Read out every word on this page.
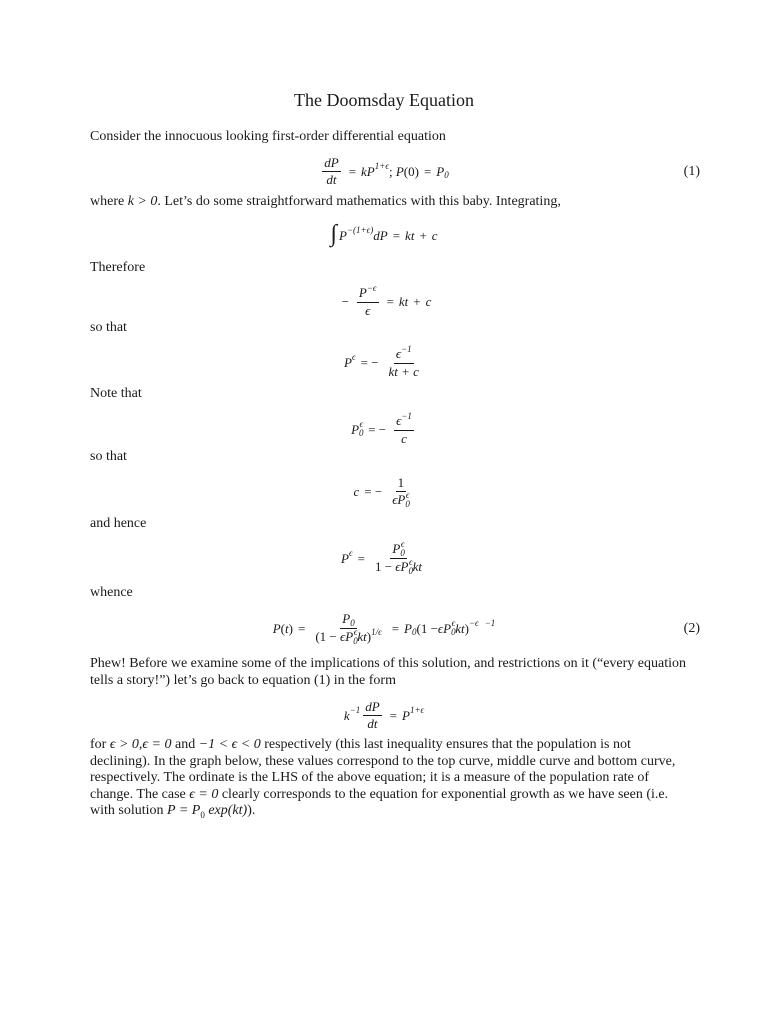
The Doomsday Equation
Consider the innocuous looking first-order differential equation
$\frac{dP}{dt}$ = kP 1+ϵ ; P (0) = P 0	(1)
where k > 0. Let’s do some straightforward mathematics with this baby. Integrating,
∫ P −(1+ϵ) dP = kt + c
Therefore
− $\frac{P^{-\epsilon}}{\epsilon}$ = kt + c
so that
P ϵ = − $\frac{\epsilon^{-1}}{kt + c}$
Note that
P 0
ϵ = − $\frac{\epsilon^{-1}}{c}$
so that
c = − $\frac{1}{\epsilon P_0^\epsilon}$
and hence
P $\epsilon = \frac{P_0^\epsilon}{1 - \epsilon P_0^\epsilon kt}$
whence
P ( t ) = $\frac{P_0}{(1 - \epsilon P_0^\epsilon kt)^{1/\epsilon}} = P$ 0 (1 − ϵP 0
ϵ kt ) −ϵ −1	(2)
Phew! Before we examine some of the implications of this solution, and restrictions on it (“every equation tells a story!”) let’s go back to equation (1) in the form
$k -1 \frac{dP}{dt} = P$ 1+ϵ
for ϵ > 0,ϵ = 0 and −1 < ϵ < 0 respectively (this last inequality ensures that the population is not declining). In the graph below, these values correspond to the top curve, middle curve and bottom curve, respectively. The ordinate is the LHS of the above equation; it is a measure of the population rate of change. The case ϵ = 0 clearly corresponds to the equation for exponential growth as we have seen (i.e. with solution $P = P_0$ exp(kt)).
